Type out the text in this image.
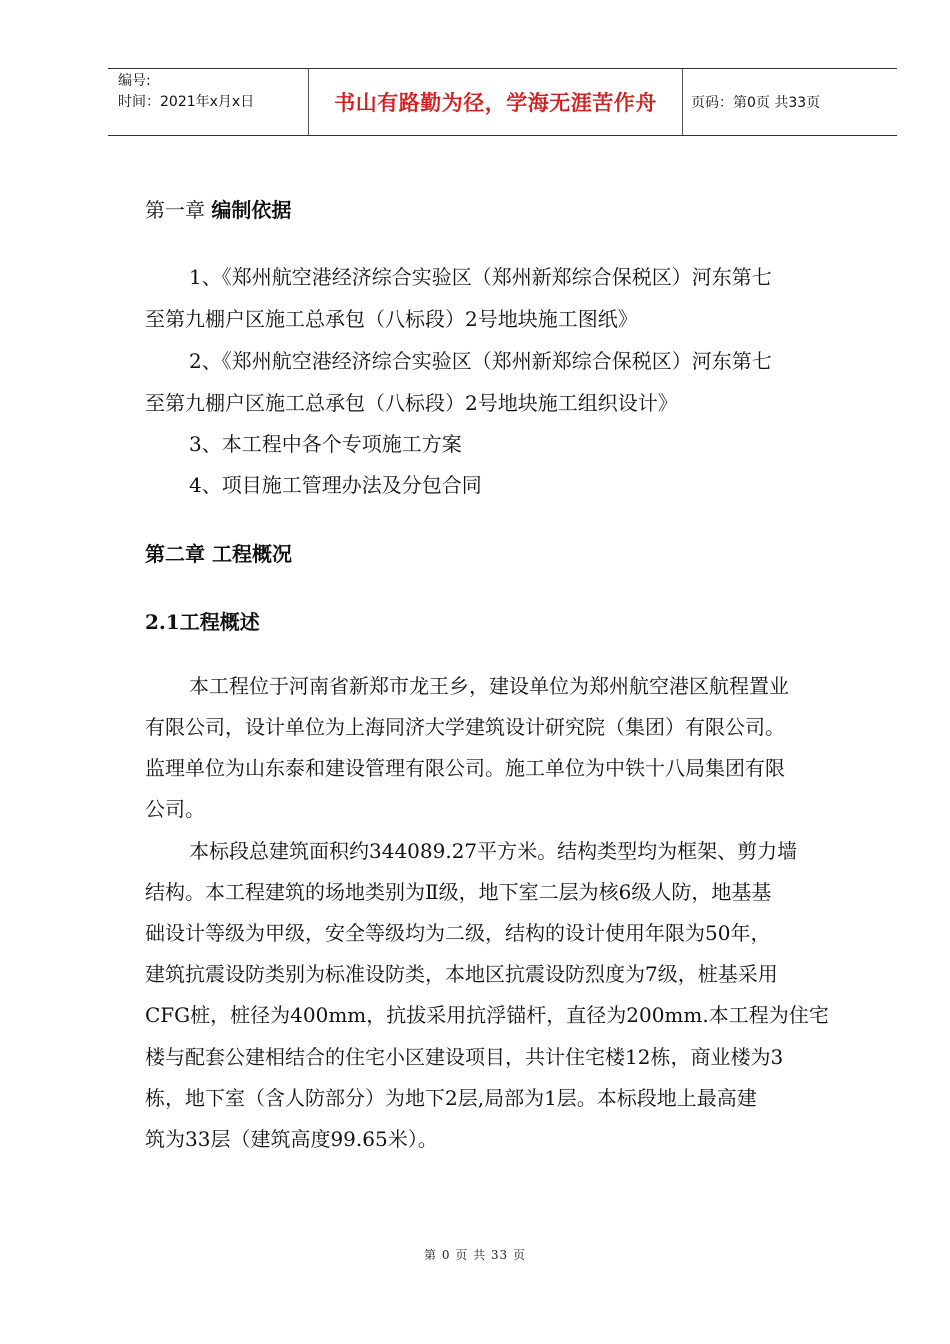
编号:
时间：2021年x月x日	书山有路勤为径，学海无涯苦作舟	页码：第0页 共33页
第一章 编制依据
1、《郑州航空港经济综合实验区（郑州新郑综合保税区）河东第七
至第九棚户区施工总承包（八标段）2号地块施工图纸》
2、《郑州航空港经济综合实验区（郑州新郑综合保税区）河东第七
至第九棚户区施工总承包（八标段）2号地块施工组织设计》
3、本工程中各个专项施工方案
4、项目施工管理办法及分包合同
第二章 工程概况
2.1工程概述
本工程位于河南省新郑市龙王乡，建设单位为郑州航空港区航程置业
有限公司，设计单位为上海同济大学建筑设计研究院（集团）有限公司。
监理单位为山东泰和建设管理有限公司。施工单位为中铁十八局集团有限
公司。
本标段总建筑面积约344089.27平方米。结构类型均为框架、剪力墙
结构。本工程建筑的场地类别为Ⅱ级，地下室二层为核6级人防，地基基
础设计等级为甲级，安全等级均为二级，结构的设计使用年限为50年，
建筑抗震设防类别为标准设防类，本地区抗震设防烈度为7级，桩基采用
CFG桩，桩径为400mm，抗拔采用抗浮锚杆，直径为200mm.本工程为住宅
楼与配套公建相结合的住宅小区建设项目，共计住宅楼12栋，商业楼为3
栋，地下室（含人防部分）为地下2层,局部为1层。本标段地上最高建
筑为33层（建筑高度99.65米）。
第 0 页 共 33 页
